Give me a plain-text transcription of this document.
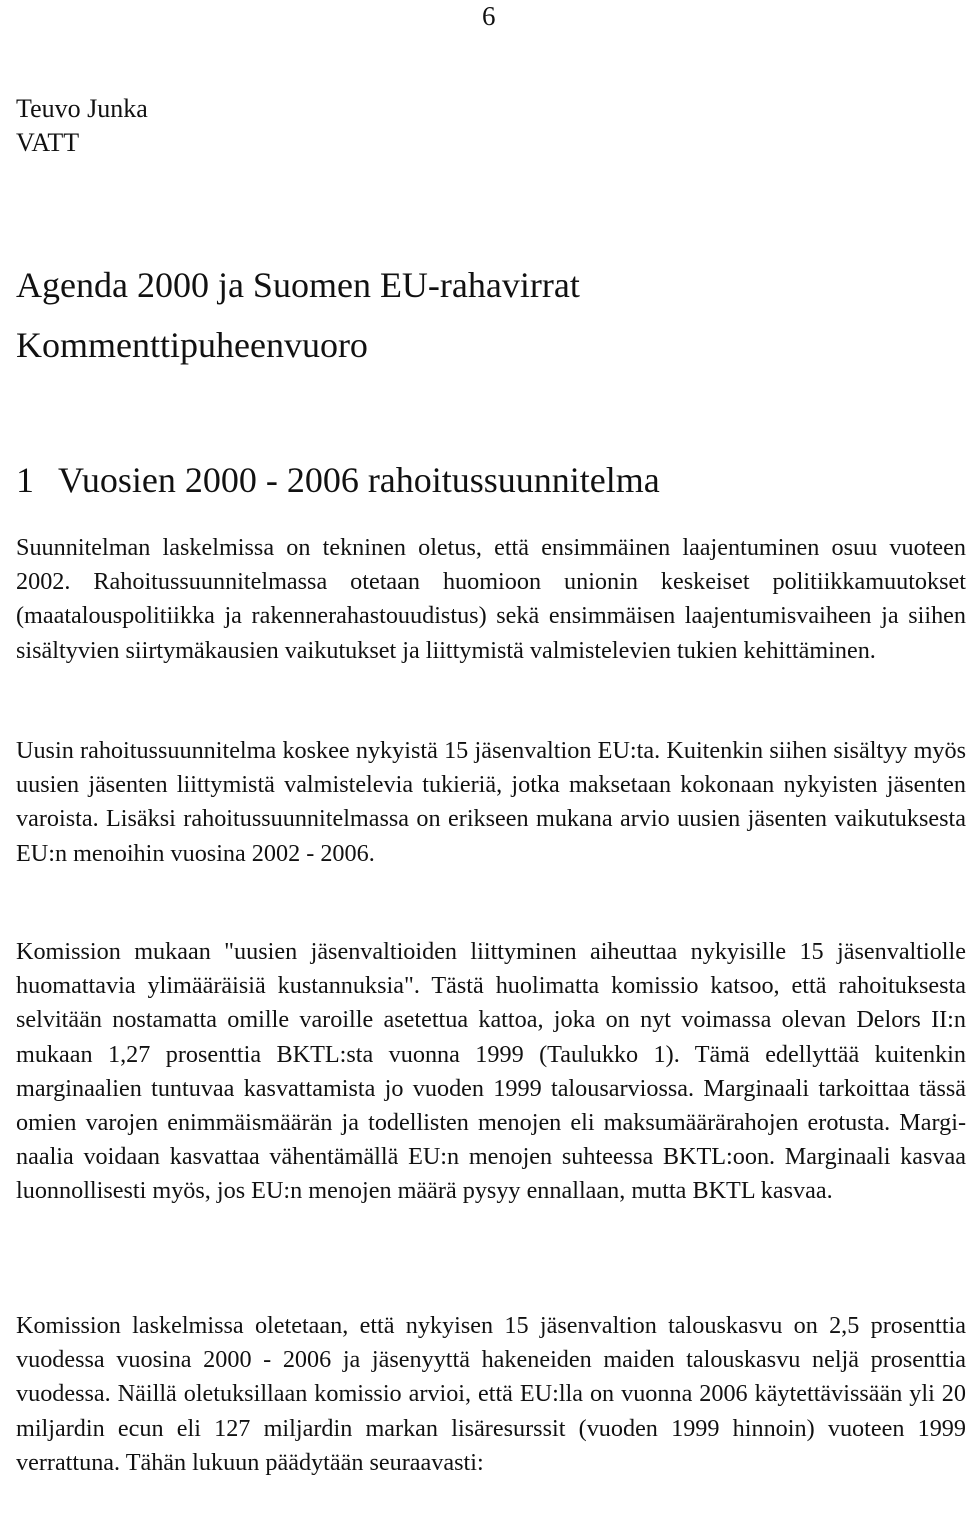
6
Teuvo Junka
VATT
Agenda 2000 ja Suomen EU-rahavirrat
Kommenttipuheenvuoro
1 Vuosien 2000 - 2006 rahoitussuunnitelma

Suunnitelman laskelmissa on tekninen oletus, että ensimmäinen laajentuminen osuu vuoteen 2002. Rahoitussuunnitelmassa otetaan huomioon unionin keskeiset politiikkamuutokset (maatalouspolitiikka ja rakennerahastouudistus) sekä ensimmäisen laajentumisvaiheen ja siihen sisältyvien siirtymäkausien vaikutukset ja liittymistä valmistelevien tukien kehittäminen.

Uusin rahoitussuunnitelma koskee nykyistä 15 jäsenvaltion EU:ta. Kuitenkin siihen sisältyy myös uusien jäsenten liittymistä valmistelevia tukieriä, jotka maksetaan kokonaan nykyisten jäsenten varoista. Lisäksi rahoitussuunnitelmassa on erikseen mukana arvio uusien jäsenten vaikutuksesta EU:n menoihin vuosina 2002 - 2006.

Komission mukaan "uusien jäsenvaltioiden liittyminen aiheuttaa nykyisille 15 jäsenvaltiolle huomattavia ylimääräisiä kustannuksia". Tästä huolimatta komissio katsoo, että rahoituksesta selvitään nostamatta omille varoille asetettua kattoa, joka on nyt voimassa olevan Delors II:n mukaan 1,27 prosenttia BKTL:sta vuonna 1999 (Taulukko 1). Tämä edellyttää kuitenkin marginaalien tuntuvaa kasvattamista jo vuoden 1999 talousarviossa. Marginaali tarkoittaa tässä omien varojen enimmäismäärän ja todellisten menojen eli maksumäärärahojen erotusta. Marginaalia voidaan kasvattaa vähentämällä EU:n menojen suhteessa BKTL:oon. Marginaali kasvaa luonnollisesti myös, jos EU:n menojen määrä pysyy ennallaan, mutta BKTL kasvaa.

Komission laskelmissa oletetaan, että nykyisen 15 jäsenvaltion talouskasvu on 2,5 prosenttia vuodessa vuosina 2000 - 2006 ja jäsenyyttä hakeneiden maiden talouskasvu neljä prosenttia vuodessa. Näillä oletuksillaan komissio arvioi, että EU:lla on vuonna 2006 käytettävissään yli 20 miljardin ecun eli 127 miljardin markan lisäresurssit (vuoden 1999 hinnoin) vuoteen 1999 verrattuna. Tähän lukuun päädytään seuraavasti:
